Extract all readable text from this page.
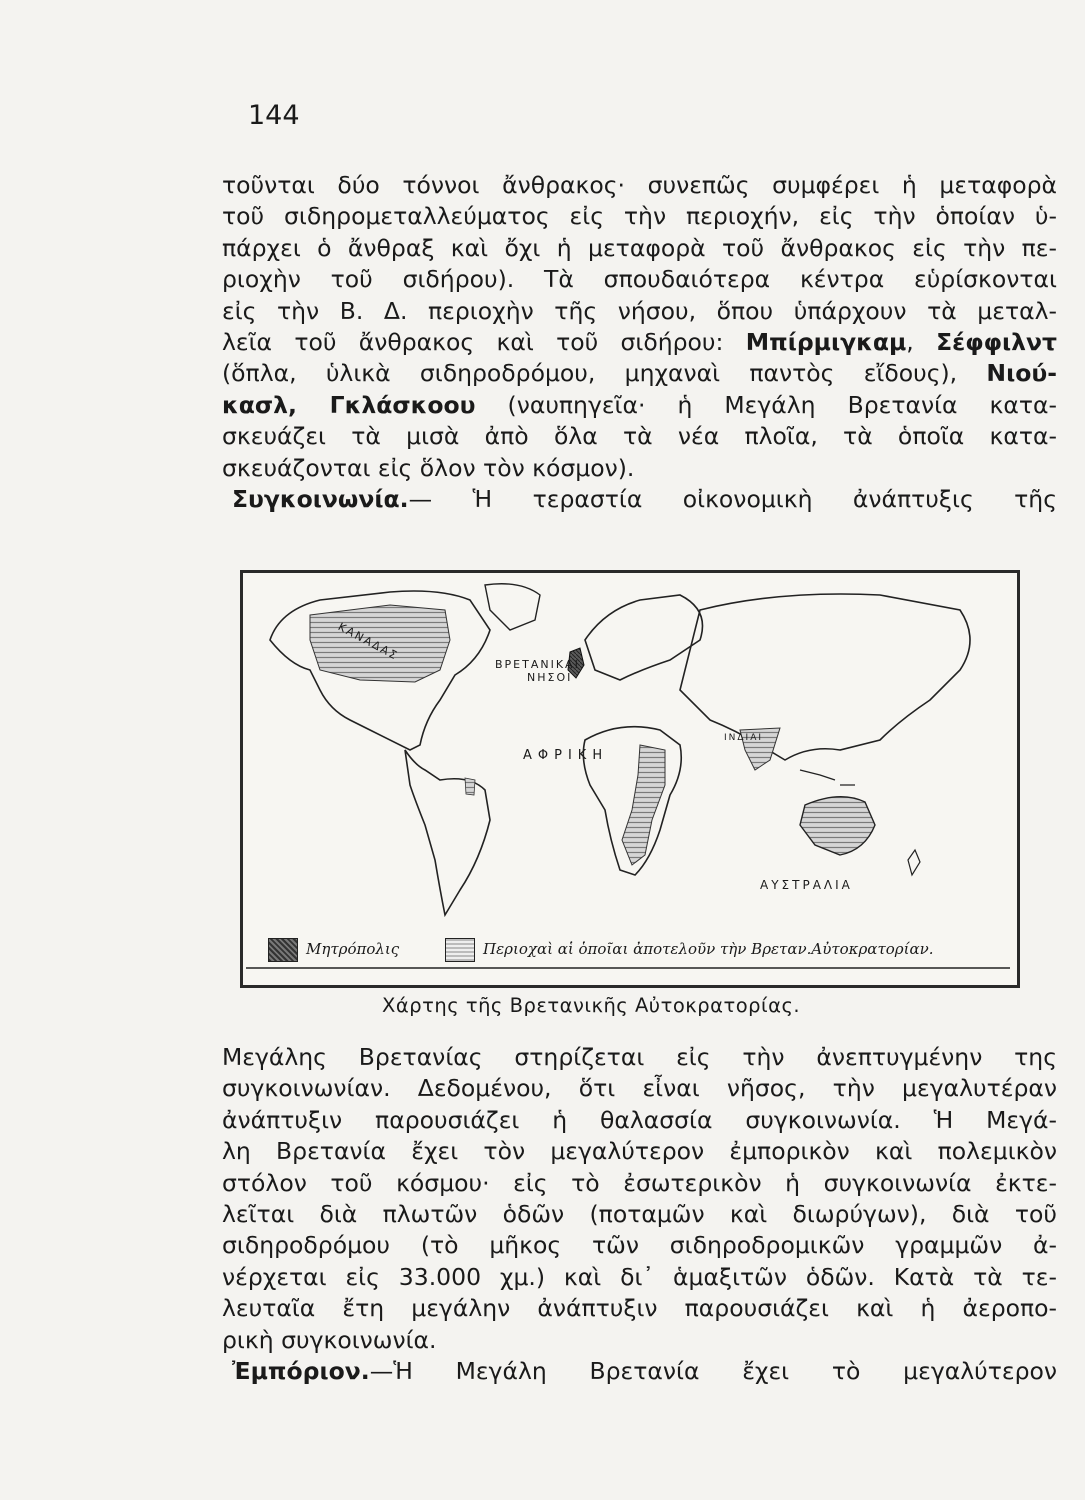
144
τοῦνται δύο τόννοι ἄνθρακος· συνεπῶς συμφέρει ἡ μεταφορὰ
τοῦ σιδηρομεταλλεύματος εἰς τὴν περιοχήν, εἰς τὴν ὁποίαν ὑ-
πάρχει ὁ ἄνθραξ καὶ ὄχι ἡ μεταφορὰ τοῦ ἄνθρακος εἰς τὴν πε-
ριοχὴν τοῦ σιδήρου). Τὰ σπουδαιότερα κέντρα εὑρίσκονται
εἰς τὴν Β. Δ. περιοχὴν τῆς νήσου, ὅπου ὑπάρχουν τὰ μεταλ-
λεῖα τοῦ ἄνθρακος καὶ τοῦ σιδήρου: Μπίρμιγκαμ, Σέφφιλντ
(ὅπλα, ὑλικὰ σιδηροδρόμου, μηχαναὶ παντὸς εἴδους), Νιού-
κασλ, Γκλάσκοου (ναυπηγεῖα· ἡ Μεγάλη Βρετανία κατα-
σκευάζει τὰ μισὰ ἀπὸ ὅλα τὰ νέα πλοῖα, τὰ ὁποῖα κατα-
σκευάζονται εἰς ὅλον τὸν κόσμον).
Συγκοινωνία.— Ἡ τεραστία οἰκονομικὴ ἀνάπτυξις τῆς
ΚΑΝΑΔΑΣ
ΒΡΕΤΑΝΙΚΑΙ
ΝΗΣΟΙ
ΑΦΡΙΚΗ
ΙΝΔΙΑΙ
ΑΥΣΤΡΑΛΙΑ
Μητρόπολις	Περιοχαὶ αἱ ὁποῖαι ἀποτελοῦν τὴν Βρεταν.Αὐτοκρατορίαν.
Χάρτης τῆς Βρετανικῆς Αὐτοκρατορίας.
Μεγάλης Βρετανίας στηρίζεται εἰς τὴν ἀνεπτυγμένην της
συγκοινωνίαν. Δεδομένου, ὅτι εἶναι νῆσος, τὴν μεγαλυτέραν
ἀνάπτυξιν παρουσιάζει ἡ θαλασσία συγκοινωνία. Ἡ Μεγά-
λη Βρετανία ἔχει τὸν μεγαλύτερον ἐμπορικὸν καὶ πολεμικὸν
στόλον τοῦ κόσμου· εἰς τὸ ἐσωτερικὸν ἡ συγκοινωνία ἐκτε-
λεῖται διὰ πλωτῶν ὁδῶν (ποταμῶν καὶ διωρύγων), διὰ τοῦ
σιδηροδρόμου (τὸ μῆκος τῶν σιδηροδρομικῶν γραμμῶν ἀ-
νέρχεται εἰς 33.000 χμ.) καὶ δι᾿ ἁμαξιτῶν ὁδῶν. Κατὰ τὰ τε-
λευταῖα ἔτη μεγάλην ἀνάπτυξιν παρουσιάζει καὶ ἡ ἀεροπο-
ρικὴ συγκοινωνία.
Ἐμπόριον.—Ἡ Μεγάλη Βρετανία ἔχει τὸ μεγαλύτερον
